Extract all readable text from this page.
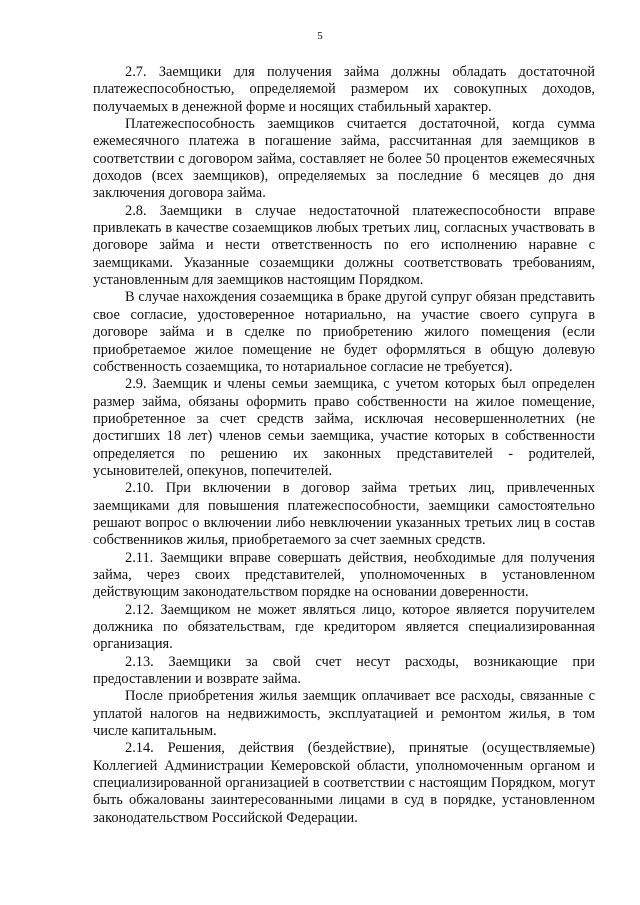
5

2.7. Заемщики для получения займа должны обладать достаточной платежеспособностью, определяемой размером их совокупных доходов, получаемых в денежной форме и носящих стабильный характер.

Платежеспособность заемщиков считается достаточной, когда сумма ежемесячного платежа в погашение займа, рассчитанная для заемщиков в соответствии с договором займа, составляет не более 50 процентов ежемесячных доходов (всех заемщиков), определяемых за последние 6 месяцев до дня заключения договора займа.

2.8. Заемщики в случае недостаточной платежеспособности вправе привлекать в качестве созаемщиков любых третьих лиц, согласных участвовать в договоре займа и нести ответственность по его исполнению наравне с заемщиками. Указанные созаемщики должны соответствовать требованиям, установленным для заемщиков настоящим Порядком.

В случае нахождения созаемщика в браке другой супруг обязан представить свое согласие, удостоверенное нотариально, на участие своего супруга в договоре займа и в сделке по приобретению жилого помещения (если приобретаемое жилое помещение не будет оформляться в общую долевую собственность созаемщика, то нотариальное согласие не требуется).

2.9. Заемщик и члены семьи заемщика, с учетом которых был определен размер займа, обязаны оформить право собственности на жилое помещение, приобретенное за счет средств займа, исключая несовершеннолетних (не достигших 18 лет) членов семьи заемщика, участие которых в собственности определяется по решению их законных представителей - родителей, усыновителей, опекунов, попечителей.

2.10. При включении в договор займа третьих лиц, привлеченных заемщиками для повышения платежеспособности, заемщики самостоятельно решают вопрос о включении либо невключении указанных третьих лиц в состав собственников жилья, приобретаемого за счет заемных средств.

2.11. Заемщики вправе совершать действия, необходимые для получения займа, через своих представителей, уполномоченных в установленном действующим законодательством порядке на основании доверенности.

2.12. Заемщиком не может являться лицо, которое является поручителем должника по обязательствам, где кредитором является специализированная организация.

2.13. Заемщики за свой счет несут расходы, возникающие при предоставлении и возврате займа.

После приобретения жилья заемщик оплачивает все расходы, связанные с уплатой налогов на недвижимость, эксплуатацией и ремонтом жилья, в том числе капитальным.

2.14. Решения, действия (бездействие), принятые (осуществляемые) Коллегией Администрации Кемеровской области, уполномоченным органом и специализированной организацией в соответствии с настоящим Порядком, могут быть обжалованы заинтересованными лицами в суд в порядке, установленном законодательством Российской Федерации.
